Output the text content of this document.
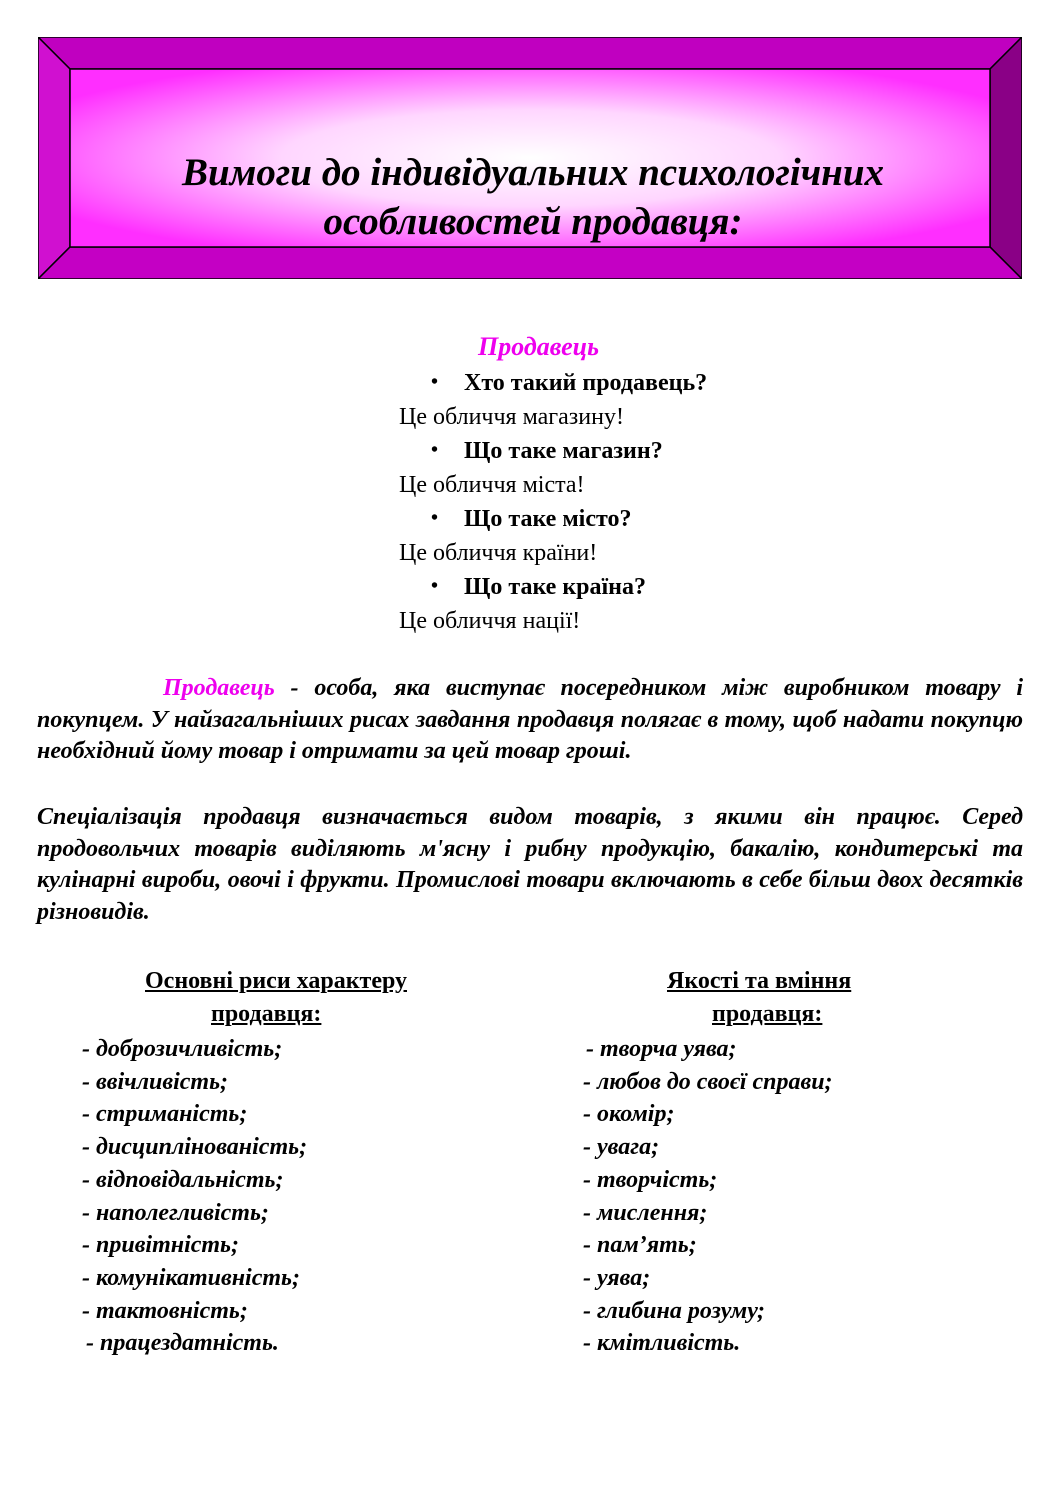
Вимоги до індивідуальних психологічних
особливостей продавця:
Продавець
• Хто такий продавець?
Це обличчя магазину!
• Що таке магазин?
Це обличчя міста!
• Що таке місто?
Це обличчя країни!
• Що таке країна?
Це обличчя нації!
Продавець - особа, яка виступає посередником між виробником товару і покупцем. У найзагальніших рисах завдання продавця полягає в тому, щоб надати покупцю необхідний йому товар і отримати за цей товар гроші.
Спеціалізація продавця визначається видом товарів, з якими він працює. Серед продовольчих товарів виділяють м'ясну і рибну продукцію, бакалію, кондитерські та кулінарні вироби, овочі і фрукти. Промислові товари включають в себе більш двох десятків різновидів.
Основні риси характеру
продавця:
- доброзичливість;
- ввічливість;
- стриманість;
- дисциплінованість;
- відповідальність;
- наполегливість;
- привітність;
- комунікативність;
- тактовність;
- працездатність.
Якості та вміння
продавця:
- творча уява;
- любов до своєї справи;
- окомір;
- увага;
- творчість;
- мислення;
- пам’ять;
- уява;
- глибина розуму;
- кмітливість.
